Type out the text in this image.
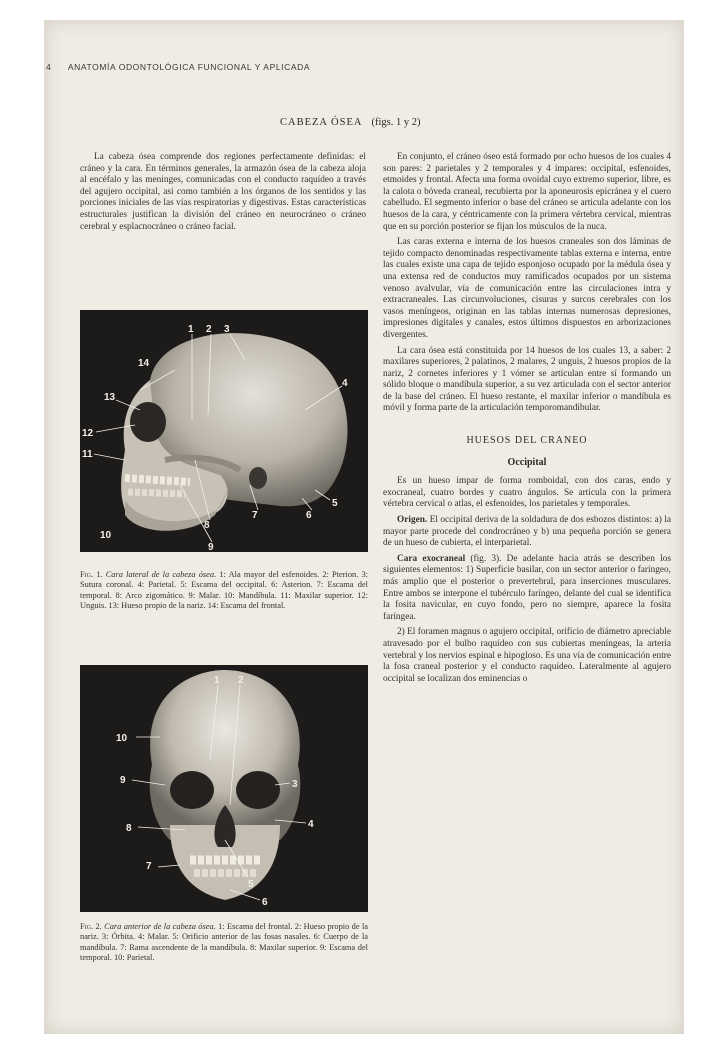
4 ANATOMÍA ODONTOLÓGICA FUNCIONAL Y APLICADA
CABEZA ÓSEA (figs. 1 y 2)

La cabeza ósea comprende dos regiones perfectamente definidas: el cráneo y la cara. En términos generales, la armazón ósea de la cabeza aloja al encéfalo y las meninges, comunicadas con el conducto raquídeo a través del agujero occipital, así como también a los órganos de los sentidos y las porciones iniciales de las vías respiratorias y digestivas. Estas características estructurales justifican la división del cráneo en neurocráneo o cráneo cerebral y esplacnocráneo o cráneo facial.

1 2 3
4
5
6
7
8
9
10
11
12
13
14
Fig. 1. Cara lateral de la cabeza ósea. 1: Ala mayor del esfenoides. 2: Pterion. 3: Sutura coronal. 4: Parietal. 5: Escama del occipital. 6: Asterion. 7: Escama del temporal. 8: Arco zigomático. 9: Malar. 10: Mandíbula. 11: Maxilar superior. 12: Unguis. 13: Hueso propio de la nariz. 14: Escama del frontal.
1 2
3
4
5
6
7
8
9
10
Fig. 2. Cara anterior de la cabeza ósea. 1: Escama del frontal. 2: Hueso propio de la nariz. 3: Órbita. 4: Malar. 5: Orificio anterior de las fosas nasales. 6: Cuerpo de la mandíbula. 7: Rama ascendente de la mandíbula. 8: Maxilar superior. 9: Escama del temporal. 10: Parietal.

En conjunto, el cráneo óseo está formado por ocho huesos de los cuales 4 son pares: 2 parietales y 2 temporales y 4 impares: occipital, esfenoides, etmoides y frontal. Afecta una forma ovoidal cuyo extremo superior, libre, es la calota o bóveda craneal, recubierta por la aponeurosis epicránea y el cuero cabelludo. El segmento inferior o base del cráneo se articula adelante con los huesos de la cara, y céntricamente con la primera vértebra cervical, mientras que en su porción posterior se fijan los músculos de la nuca.

Las caras externa e interna de los huesos craneales son dos láminas de tejido compacto denominadas respectivamente tablas externa e interna, entre las cuales existe una capa de tejido esponjoso ocupado por la médula ósea y una extensa red de conductos muy ramificados ocupados por un sistema venoso avalvular, vía de comunicación entre las circulaciones intra y extracraneales. Las circunvoluciones, cisuras y surcos cerebrales con los vasos meníngeos, originan en las tablas internas numerosas depresiones, impresiones digitales y canales, estos últimos dispuestos en arborizaciones divergentes.

La cara ósea está constituida por 14 huesos de los cuales 13, a saber: 2 maxilares superiores, 2 palatinos, 2 malares, 2 unguis, 2 huesos propios de la nariz, 2 cornetes inferiores y 1 vómer se articulan entre sí formando un sólido bloque o mandíbula superior, a su vez articulada con el sector anterior de la base del cráneo. El hueso restante, el maxilar inferior o mandíbula es móvil y forma parte de la articulación temporomandibular.

HUESOS DEL CRANEO
Occipital

Es un hueso impar de forma romboidal, con dos caras, endo y exocraneal, cuatro bordes y cuatro ángulos. Se articula con la primera vértebra cervical o atlas, el esfenoides, los parietales y temporales.

Origen. El occipital deriva de la soldadura de dos esbozos distintos: a) la mayor parte procede del condrocráneo y b) una pequeña porción se genera de un hueso de cubierta, el interparietal.

Cara exocraneal (fig. 3). De adelante hacia atrás se describen los siguientes elementos: 1) Superficie basilar, con un sector anterior o faríngeo, más amplio que el posterior o prevertebral, para inserciones musculares. Entre ambos se interpone el tubérculo faríngeo, delante del cual se identifica la fosita navicular, en cuyo fondo, pero no siempre, aparece la fosita faríngea.

2) El foramen magnus o agujero occipital, orificio de diámetro apreciable atravesado por el bulbo raquídeo con sus cubiertas meníngeas, la arteria vertebral y los nervios espinal e hipogloso. Es una vía de comunicación entre la fosa craneal posterior y el conducto raquídeo. Lateralmente al agujero occipital se localizan dos eminencias o
